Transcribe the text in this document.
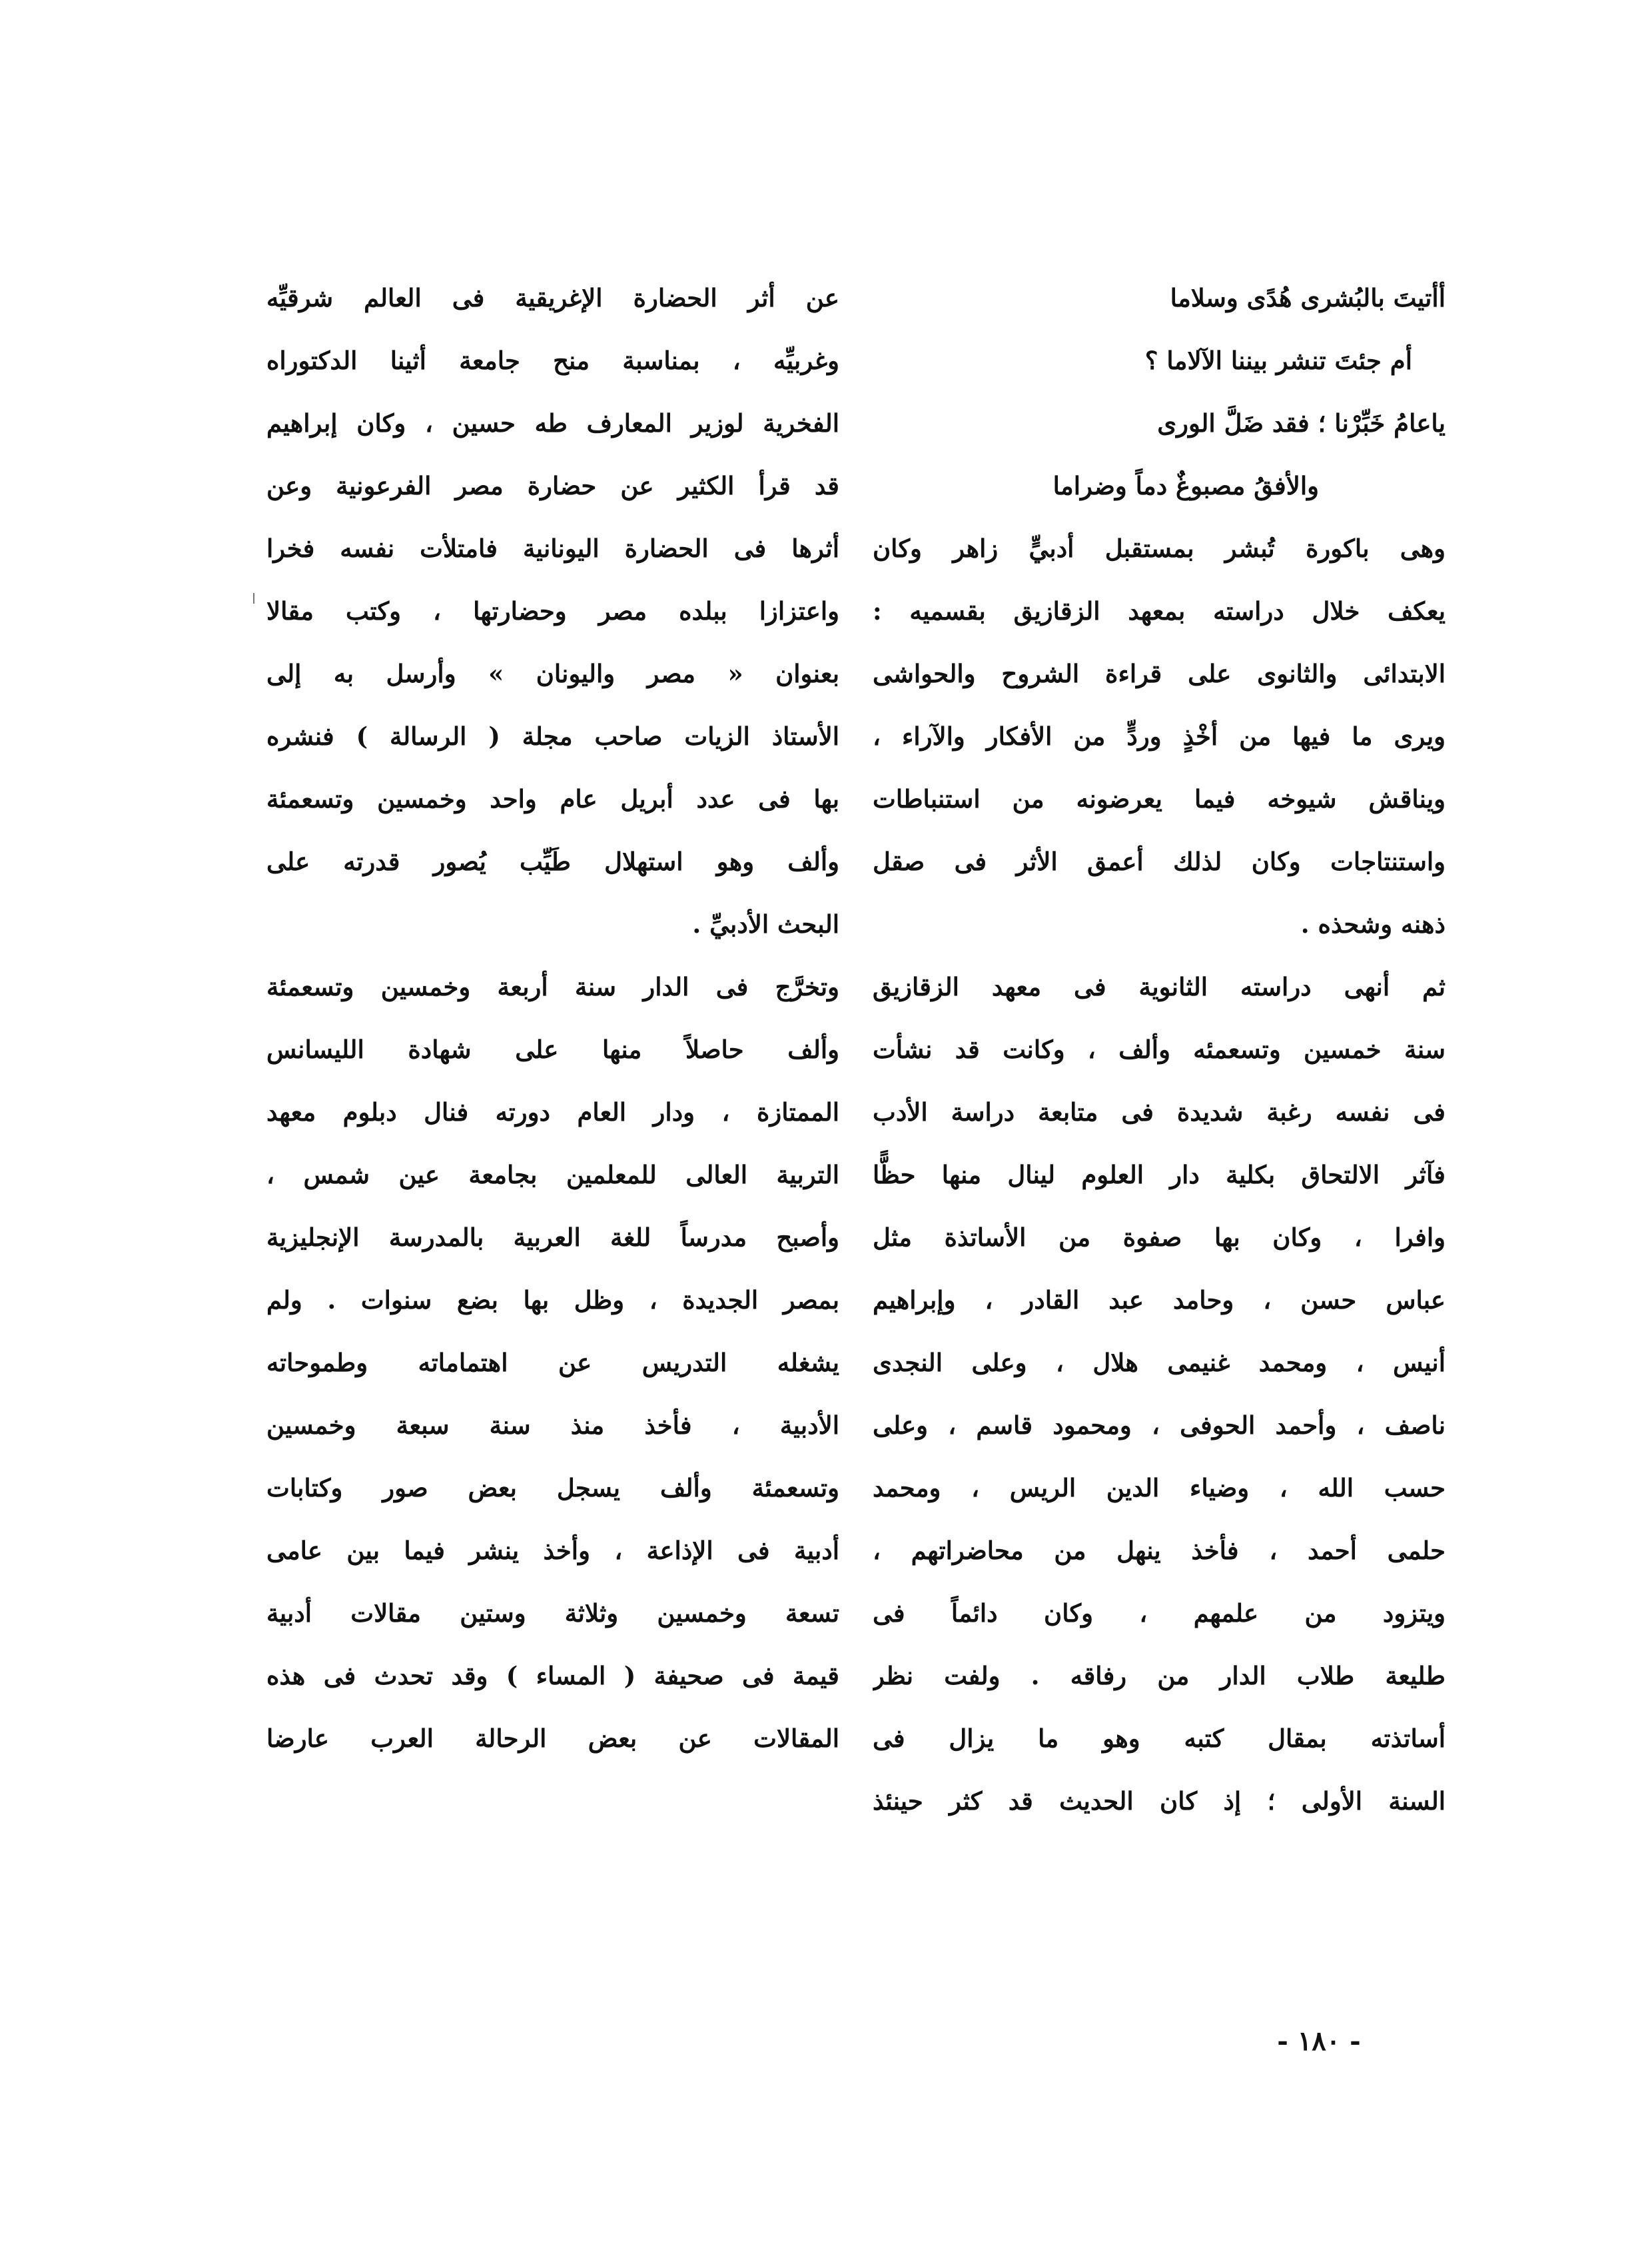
أأتيتَ بالبُشرى هُدًى وسلاما
أم جئتَ تنشر بيننا الآلاما ؟
ياعامُ خَبِّرْنا ؛ فقد ضَلَّ الورى
والأفقُ مصبوغٌ دماً وضراما
وهى باكورة تُبشر بمستقبل أدبيٍّ زاهر وكان
يعكف خلال دراسته بمعهد الزقازيق بقسميه :
الابتدائى والثانوى على قراءة الشروح والحواشى
ويرى ما فيها من أخْذٍ وردٍّ من الأفكار والآراء ،
ويناقش شيوخه فيما يعرضونه من استنباطات
واستنتاجات وكان لذلك أعمق الأثر فى صقل
ذهنه وشحذه .
ثم أنهى دراسته الثانوية فى معهد الزقازيق
سنة خمسين وتسعمئه وألف ، وكانت قد نشأت
فى نفسه رغبة شديدة فى متابعة دراسة الأدب
فآثر الالتحاق بكلية دار العلوم لينال منها حظًّا
وافرا ، وكان بها صفوة من الأساتذة مثل
عباس حسن ، وحامد عبد القادر ، وإبراهيم
أنيس ، ومحمد غنيمى هلال ، وعلى النجدى
ناصف ، وأحمد الحوفى ، ومحمود قاسم ، وعلى
حسب الله ، وضياء الدين الريس ، ومحمد
حلمى أحمد ، فأخذ ينهل من محاضراتهم ،
ويتزود من علمهم ، وكان دائماً فى
طليعة طلاب الدار من رفاقه . ولفت نظر
أساتذته بمقال كتبه وهو ما يزال فى
السنة الأولى ؛ إذ كان الحديث قد كثر حينئذ
عن أثر الحضارة الإغريقية فى العالم شرقيِّه
وغربيِّه ، بمناسبة منح جامعة أثينا الدكتوراه
الفخرية لوزير المعارف طه حسين ، وكان إبراهيم
قد قرأ الكثير عن حضارة مصر الفرعونية وعن
أثرها فى الحضارة اليونانية فامتلأت نفسه فخرا
واعتزازا ببلده مصر وحضارتها ، وكتب مقالا
بعنوان « مصر واليونان » وأرسل به إلى
الأستاذ الزيات صاحب مجلة ( الرسالة ) فنشره
بها فى عدد أبريل عام واحد وخمسين وتسعمئة
وألف وهو استهلال طَيِّب يُصور قدرته على
البحث الأدبيِّ .
وتخرَّج فى الدار سنة أربعة وخمسين وتسعمئة
وألف حاصلاً منها على شهادة الليسانس
الممتازة ، ودار العام دورته فنال دبلوم معهد
التربية العالى للمعلمين بجامعة عين شمس ،
وأصبح مدرساً للغة العربية بالمدرسة الإنجليزية
بمصر الجديدة ، وظل بها بضع سنوات . ولم
يشغله التدريس عن اهتماماته وطموحاته
الأدبية ، فأخذ منذ سنة سبعة وخمسين
وتسعمئة وألف يسجل بعض صور وكتابات
أدبية فى الإذاعة ، وأخذ ينشر فيما بين عامى
تسعة وخمسين وثلاثة وستين مقالات أدبية
قيمة فى صحيفة ( المساء ) وقد تحدث فى هذه
المقالات عن بعض الرحالة العرب عارضا
- ١٨٠ -
